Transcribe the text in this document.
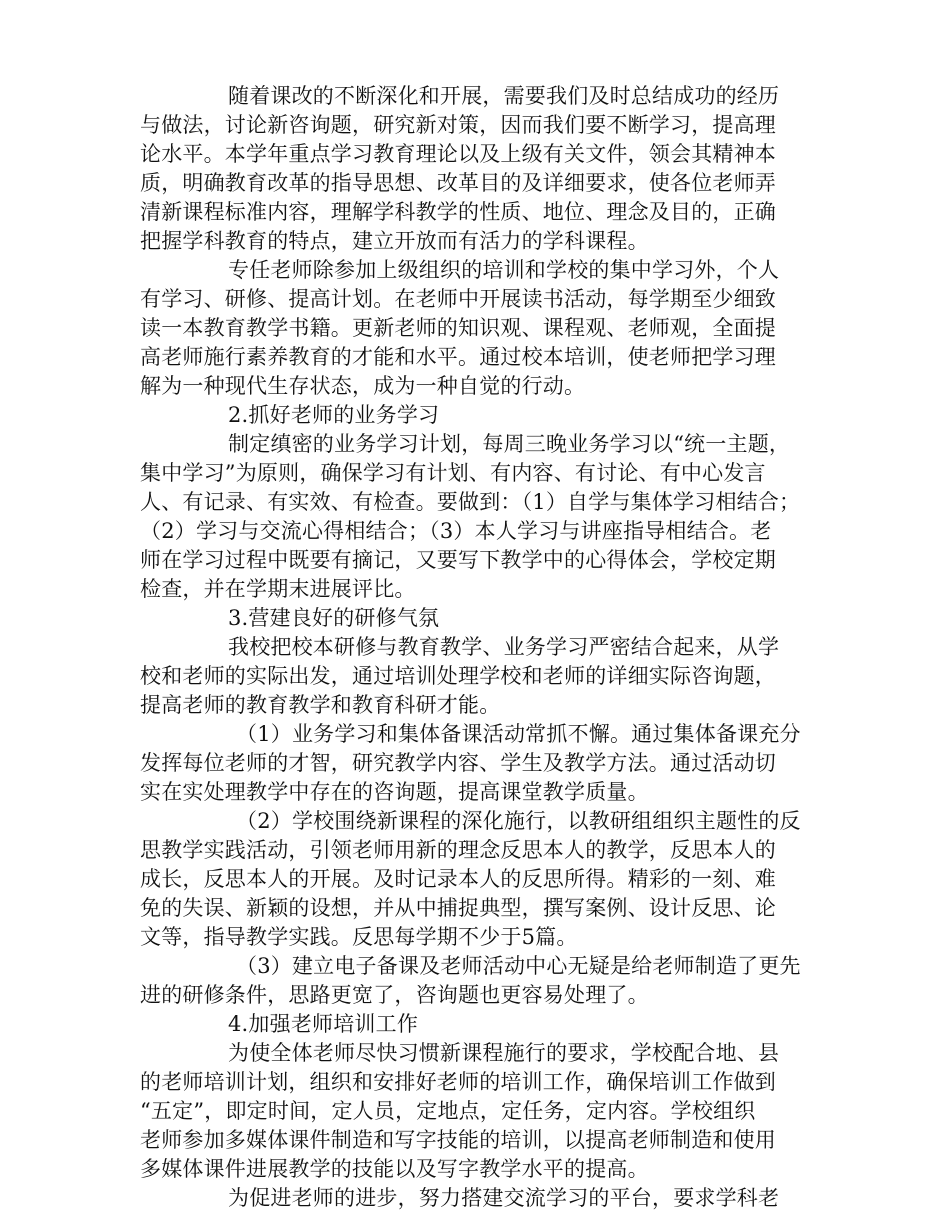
随着课改的不断深化和开展，需要我们及时总结成功的经历
与做法，讨论新咨询题，研究新对策，因而我们要不断学习，提高理
论水平。本学年重点学习教育理论以及上级有关文件，领会其精神本
质，明确教育改革的指导思想、改革目的及详细要求，使各位老师弄
清新课程标准内容，理解学科教学的性质、地位、理念及目的，正确
把握学科教育的特点，建立开放而有活力的学科课程。
专任老师除参加上级组织的培训和学校的集中学习外，个人
有学习、研修、提高计划。在老师中开展读书活动，每学期至少细致
读一本教育教学书籍。更新老师的知识观、课程观、老师观，全面提
高老师施行素养教育的才能和水平。通过校本培训，使老师把学习理
解为一种现代生存状态，成为一种自觉的行动。
2.抓好老师的业务学习
制定缜密的业务学习计划，每周三晚业务学习以“统一主题，
集中学习”为原则，确保学习有计划、有内容、有讨论、有中心发言
人、有记录、有实效、有检查。要做到：（1）自学与集体学习相结合；
（2）学习与交流心得相结合；（3）本人学习与讲座指导相结合。老
师在学习过程中既要有摘记，又要写下教学中的心得体会，学校定期
检查，并在学期末进展评比。
3.营建良好的研修气氛
我校把校本研修与教育教学、业务学习严密结合起来，从学
校和老师的实际出发，通过培训处理学校和老师的详细实际咨询题，
提高老师的教育教学和教育科研才能。
（1）业务学习和集体备课活动常抓不懈。通过集体备课充分
发挥每位老师的才智，研究教学内容、学生及教学方法。通过活动切
实在实处理教学中存在的咨询题，提高课堂教学质量。
（2）学校围绕新课程的深化施行，以教研组组织主题性的反
思教学实践活动，引领老师用新的理念反思本人的教学，反思本人的
成长，反思本人的开展。及时记录本人的反思所得。精彩的一刻、难
免的失误、新颖的设想，并从中捕捉典型，撰写案例、设计反思、论
文等，指导教学实践。反思每学期不少于5篇。
（3）建立电子备课及老师活动中心无疑是给老师制造了更先
进的研修条件，思路更宽了，咨询题也更容易处理了。
4.加强老师培训工作
为使全体老师尽快习惯新课程施行的要求，学校配合地、县
的老师培训计划，组织和安排好老师的培训工作，确保培训工作做到
“五定”，即定时间，定人员，定地点，定任务，定内容。学校组织
老师参加多媒体课件制造和写字技能的培训，以提高老师制造和使用
多媒体课件进展教学的技能以及写字教学水平的提高。
为促进老师的进步，努力搭建交流学习的平台，要求学科老
